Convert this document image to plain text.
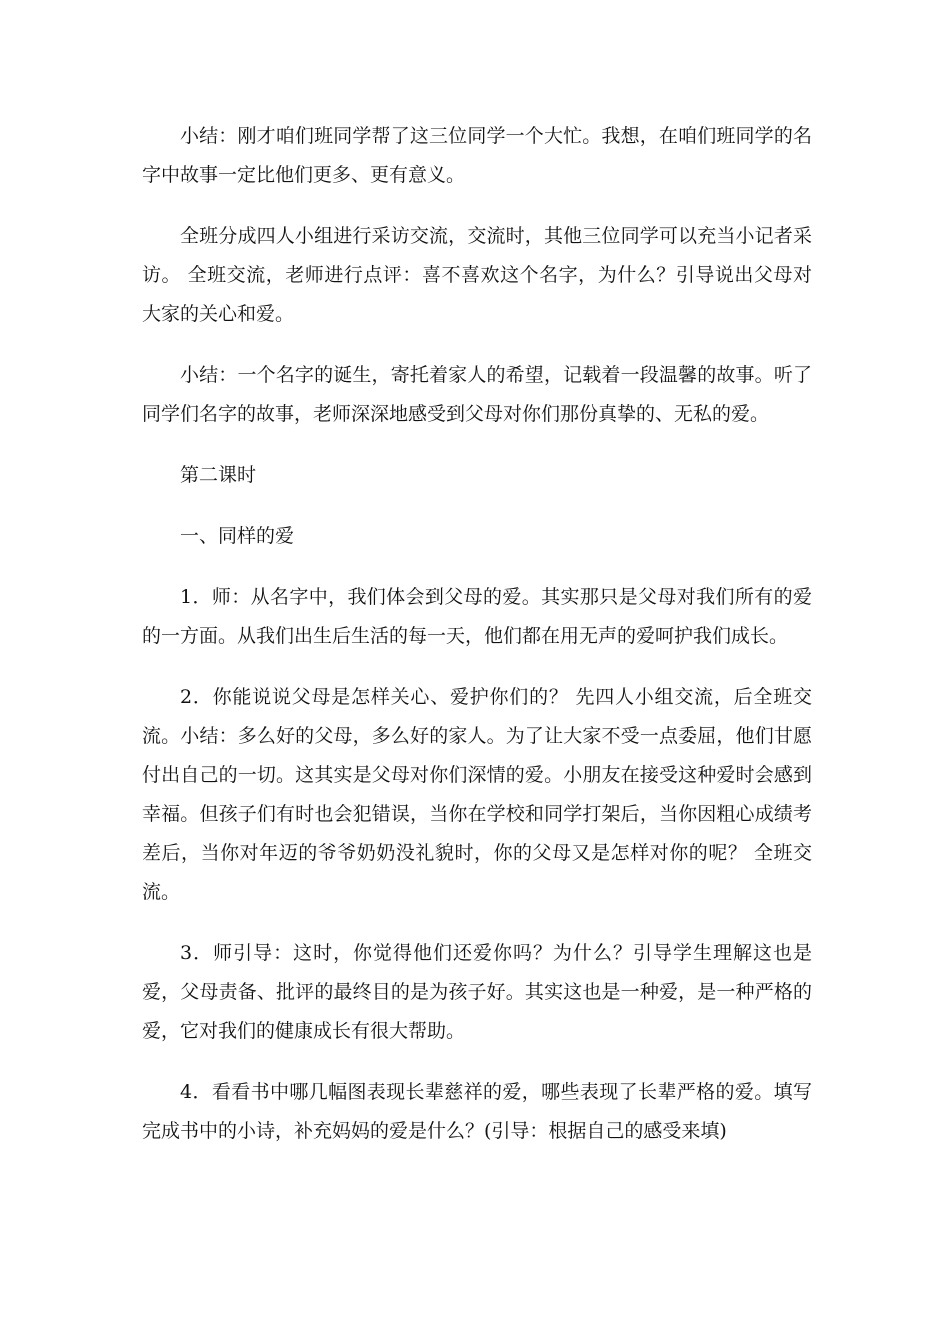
小结：刚才咱们班同学帮了这三位同学一个大忙。我想，在咱们班同学的名字中故事一定比他们更多、更有意义。

全班分成四人小组进行采访交流，交流时，其他三位同学可以充当小记者采访。 全班交流，老师进行点评：喜不喜欢这个名字，为什么？引导说出父母对大家的关心和爱。

小结：一个名字的诞生，寄托着家人的希望，记载着一段温馨的故事。听了同学们名字的故事，老师深深地感受到父母对你们那份真挚的、无私的爱。

第二课时

一、同样的爱

1．师：从名字中，我们体会到父母的爱。其实那只是父母对我们所有的爱的一方面。从我们出生后生活的每一天，他们都在用无声的爱呵护我们成长。

2．你能说说父母是怎样关心、爱护你们的？ 先四人小组交流，后全班交流。小结：多么好的父母，多么好的家人。为了让大家不受一点委屈，他们甘愿付出自己的一切。这其实是父母对你们深情的爱。小朋友在接受这种爱时会感到幸福。但孩子们有时也会犯错误，当你在学校和同学打架后，当你因粗心成绩考差后，当你对年迈的爷爷奶奶没礼貌时，你的父母又是怎样对你的呢？ 全班交流。

3．师引导：这时，你觉得他们还爱你吗？为什么？引导学生理解这也是爱，父母责备、批评的最终目的是为孩子好。其实这也是一种爱，是一种严格的爱，它对我们的健康成长有很大帮助。

4．看看书中哪几幅图表现长辈慈祥的爱，哪些表现了长辈严格的爱。填写完成书中的小诗，补充妈妈的爱是什么？(引导：根据自己的感受来填)
